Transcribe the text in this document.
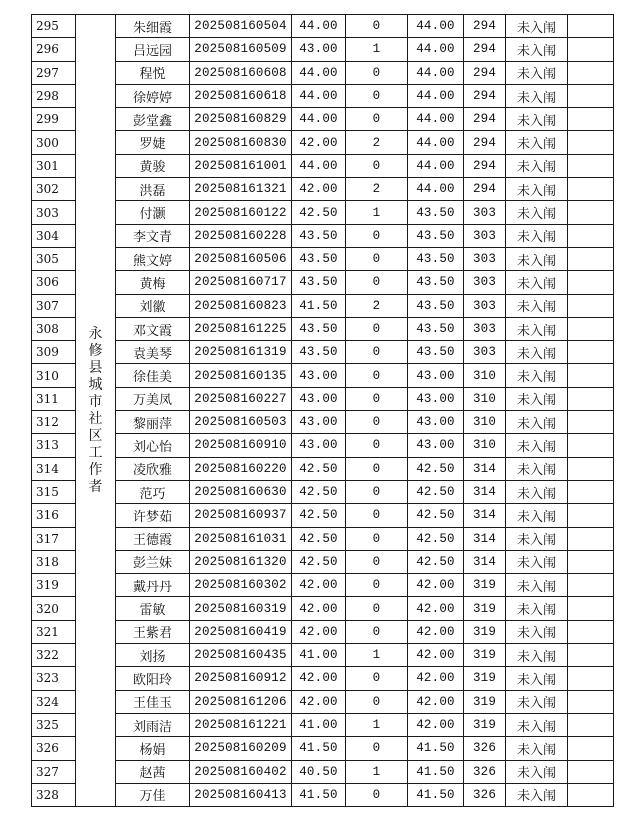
295	永修县城市社区工作者	朱细霞	202508160504	44.00	0	44.00	294	未入闱	
296		吕远园	202508160509	43.00	1	44.00	294	未入闱	
297		程悦	202508160608	44.00	0	44.00	294	未入闱	
298		徐婷婷	202508160618	44.00	0	44.00	294	未入闱	
299		彭堂鑫	202508160829	44.00	0	44.00	294	未入闱	
300		罗婕	202508160830	42.00	2	44.00	294	未入闱	
301		黄骏	202508161001	44.00	0	44.00	294	未入闱	
302		洪磊	202508161321	42.00	2	44.00	294	未入闱	
303		付灏	202508160122	42.50	1	43.50	303	未入闱	
304		李文青	202508160228	43.50	0	43.50	303	未入闱	
305		熊文婷	202508160506	43.50	0	43.50	303	未入闱	
306		黄梅	202508160717	43.50	0	43.50	303	未入闱	
307		刘徽	202508160823	41.50	2	43.50	303	未入闱	
308		邓文霞	202508161225	43.50	0	43.50	303	未入闱	
309		袁美琴	202508161319	43.50	0	43.50	303	未入闱	
310		徐佳美	202508160135	43.00	0	43.00	310	未入闱	
311		万美凤	202508160227	43.00	0	43.00	310	未入闱	
312		黎丽萍	202508160503	43.00	0	43.00	310	未入闱	
313		刘心怡	202508160910	43.00	0	43.00	310	未入闱	
314		凌欣雅	202508160220	42.50	0	42.50	314	未入闱	
315		范巧	202508160630	42.50	0	42.50	314	未入闱	
316		许梦茹	202508160937	42.50	0	42.50	314	未入闱	
317		王德霞	202508161031	42.50	0	42.50	314	未入闱	
318		彭兰妹	202508161320	42.50	0	42.50	314	未入闱	
319		戴丹丹	202508160302	42.00	0	42.00	319	未入闱	
320		雷敏	202508160319	42.00	0	42.00	319	未入闱	
321		王紫君	202508160419	42.00	0	42.00	319	未入闱	
322		刘扬	202508160435	41.00	1	42.00	319	未入闱	
323		欧阳玲	202508160912	42.00	0	42.00	319	未入闱	
324		王佳玉	202508161206	42.00	0	42.00	319	未入闱	
325		刘雨洁	202508161221	41.00	1	42.00	319	未入闱	
326		杨娟	202508160209	41.50	0	41.50	326	未入闱	
327		赵茜	202508160402	40.50	1	41.50	326	未入闱	
328		万佳	202508160413	41.50	0	41.50	326	未入闱	
